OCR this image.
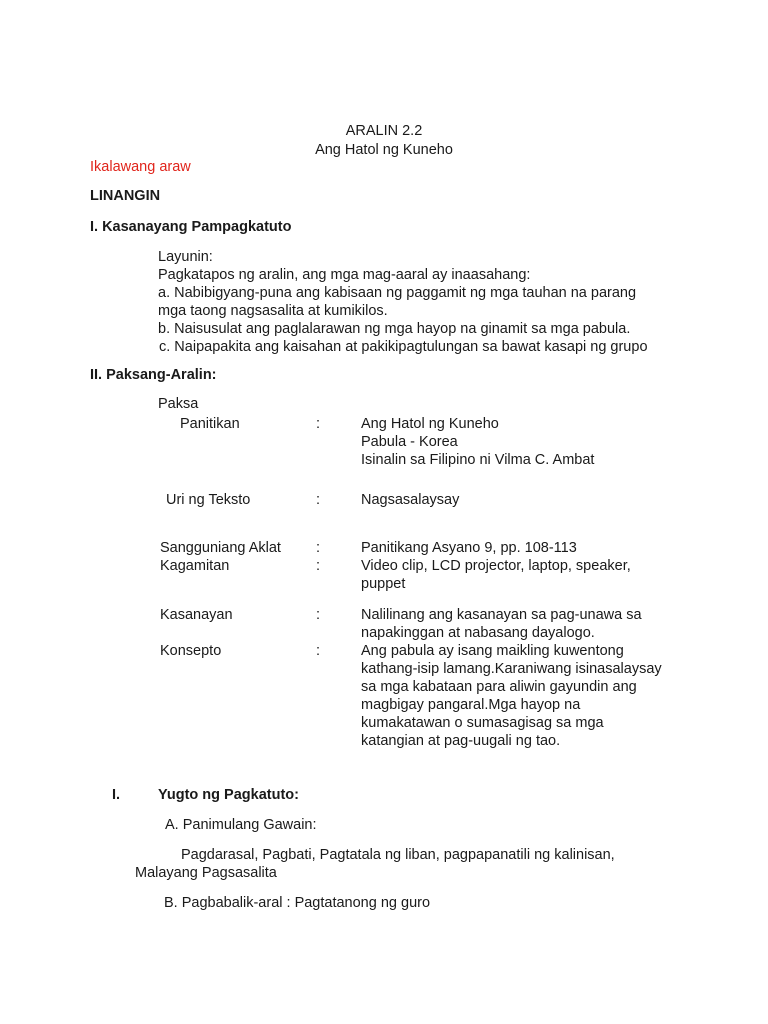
ARALIN 2.2
Ang Hatol ng Kuneho
Ikalawang araw
LINANGIN
I. Kasanayang Pampagkatuto
Layunin:
Pagkatapos ng aralin, ang mga mag-aaral ay inaasahang:
a. Nabibigyang-puna ang kabisaan ng paggamit ng mga tauhan na parang
mga taong nagsasalita at kumikilos.
b. Naisusulat ang paglalarawan ng mga hayop na ginamit sa mga pabula.
c. Naipapakita ang kaisahan at pakikipagtulungan sa bawat kasapi ng grupo
II. Paksang-Aralin:
Paksa
Panitikan	:	Ang Hatol ng Kuneho
Pabula - Korea
Isinalin sa Filipino ni Vilma C. Ambat
Uri ng Teksto	:	Nagsasalaysay
Sangguniang Aklat :	Panitikang Asyano 9, pp. 108-113
Kagamitan	:	Video clip, LCD projector, laptop, speaker,
puppet
Kasanayan	:	Nalilinang ang kasanayan sa pag-unawa sa
napakinggan at nabasang dayalogo.
Konsepto	:	Ang pabula ay isang maikling kuwentong
kathang-isip lamang.Karaniwang isinasalaysay
sa mga kabataan para aliwin gayundin ang
magbigay pangaral.Mga hayop na
kumakatawan o sumasagisag sa mga
katangian at pag-uugali ng tao.
I.	Yugto ng Pagkatuto:
A. Panimulang Gawain:
Pagdarasal, Pagbati, Pagtatala ng liban, pagpapanatili ng kalinisan,
Malayang Pagsasalita
B. Pagbabalik-aral : Pagtatanong ng guro
